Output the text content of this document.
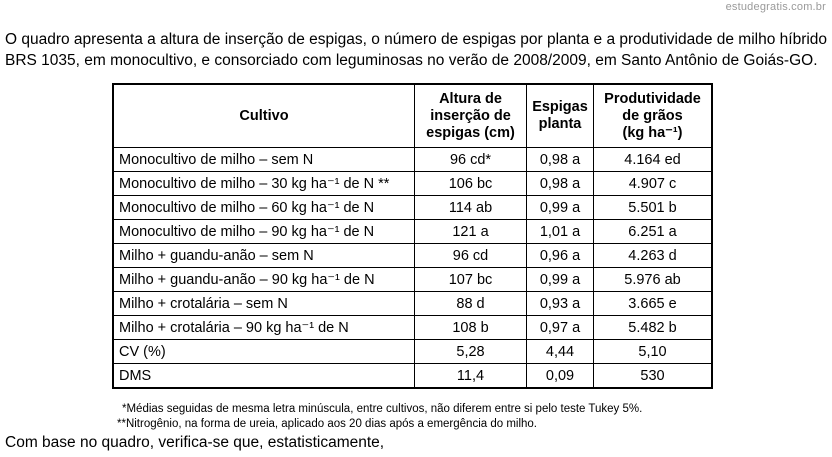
estudegratis.com.br
O quadro apresenta a altura de inserção de espigas, o número de espigas por planta e a produtividade de milho híbrido BRS 1035, em monocultivo, e consorciado com leguminosas no verão de 2008/2009, em Santo Antônio de Goiás-GO.
Cultivo	Altura de inserção de espigas (cm)	Espigas planta	Produtividade de grãos
(kg ha⁻¹)
Monocultivo de milho – sem N	96 cd*	0,98 a	4.164 ed
Monocultivo de milho – 30 kg ha⁻¹ de N **	106 bc	0,98 a	4.907 c
Monocultivo de milho – 60 kg ha⁻¹ de N	114 ab	0,99 a	5.501 b
Monocultivo de milho – 90 kg ha⁻¹ de N	121 a	1,01 a	6.251 a
Milho + guandu-anão – sem N	96 cd	0,96 a	4.263 d
Milho + guandu-anão – 90 kg ha⁻¹ de N	107 bc	0,99 a	5.976 ab
Milho + crotalária – sem N	88 d	0,93 a	3.665 e
Milho + crotalária – 90 kg ha⁻¹ de N	108 b	0,97 a	5.482 b
CV (%)	5,28	4,44	5,10
DMS	11,4	0,09	530
*Médias seguidas de mesma letra minúscula, entre cultivos, não diferem entre si pelo teste Tukey 5%.
**Nitrogênio, na forma de ureia, aplicado aos 20 dias após a emergência do milho.
Com base no quadro, verifica-se que, estatisticamente,
